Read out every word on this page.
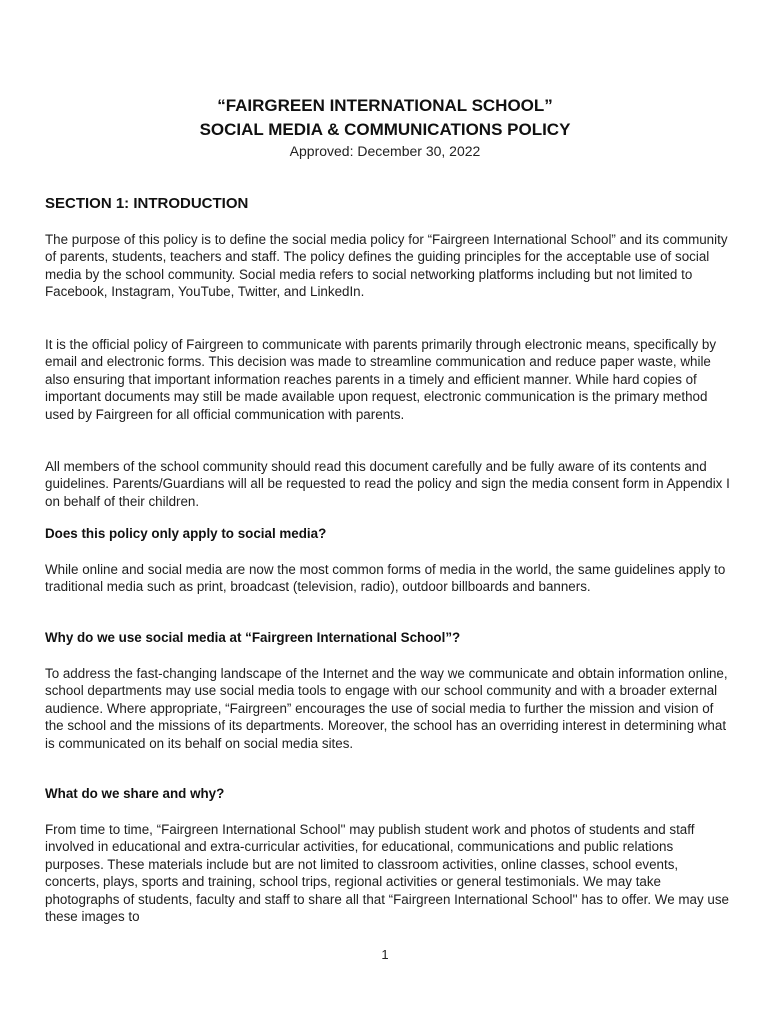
“FAIRGREEN INTERNATIONAL SCHOOL”
SOCIAL MEDIA & COMMUNICATIONS POLICY
Approved: December 30, 2022
SECTION 1: INTRODUCTION

The purpose of this policy is to define the social media policy for “Fairgreen International School” and its community of parents, students, teachers and staff. The policy defines the guiding principles for the acceptable use of social media by the school community. Social media refers to social networking platforms including but not limited to Facebook, Instagram, YouTube, Twitter, and LinkedIn.

It is the official policy of Fairgreen to communicate with parents primarily through electronic means, specifically by email and electronic forms. This decision was made to streamline communication and reduce paper waste, while also ensuring that important information reaches parents in a timely and efficient manner. While hard copies of important documents may still be made available upon request, electronic communication is the primary method used by Fairgreen for all official communication with parents.

All members of the school community should read this document carefully and be fully aware of its contents and guidelines. Parents/Guardians will all be requested to read the policy and sign the media consent form in Appendix I on behalf of their children.

Does this policy only apply to social media?

While online and social media are now the most common forms of media in the world, the same guidelines apply to traditional media such as print, broadcast (television, radio), outdoor billboards and banners.

Why do we use social media at “Fairgreen International School”?

To address the fast-changing landscape of the Internet and the way we communicate and obtain information online, school departments may use social media tools to engage with our school community and with a broader external audience. Where appropriate, “Fairgreen” encourages the use of social media to further the mission and vision of the school and the missions of its departments. Moreover, the school has an overriding interest in determining what is communicated on its behalf on social media sites.

What do we share and why?

From time to time, “Fairgreen International School'' may publish student work and photos of students and staff involved in educational and extra-curricular activities, for educational, communications and public relations purposes. These materials include but are not limited to classroom activities, online classes, school events, concerts, plays, sports and training, school trips, regional activities or general testimonials. We may take photographs of students, faculty and staff to share all that “Fairgreen International School'' has to offer. We may use these images to

1
